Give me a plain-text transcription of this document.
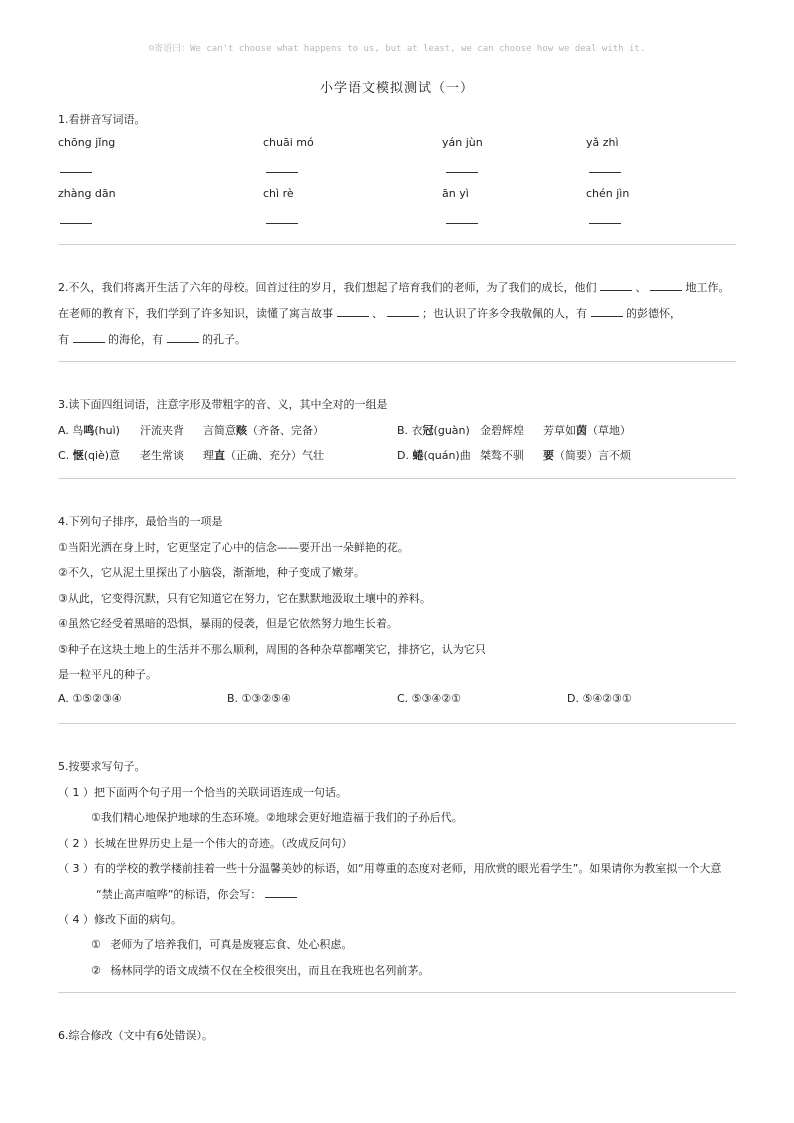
☺寄语曰：We can't choose what happens to us, but at least, we can choose how we deal with it.
小学语文模拟测试（一）
1.看拼音写词语。
chōng jǐng	chuāi mó	yán jùn	yǎ zhì
zhàng dān	chì rè	ān yì	chén jìn
2.不久，我们将离开生活了六年的母校。回首过往的岁月，我们想起了培育我们的老师，为了我们的成长，他们	、	地工作。
在老师的教育下，我们学到了许多知识，读懂了寓言故事	、	；也认识了许多令我敬佩的人，有	的彭德怀，
有	的海伦，有	的孔子。
3.读下面四组词语，注意字形及带粗字的音、义，其中全对的一组是
A. 鸟鸣(huì) 汗流夹背 言简意赅（齐备、完备）	B. 衣冠(guàn) 金碧辉煌 芳草如茵（草地）
C. 惬(qiè)意 老生常谈 理直（正确、充分）气壮	D. 蜷(quán)曲 桀骜不驯 要（简要）言不烦
4.下列句子排序，最恰当的一项是
①当阳光洒在身上时，它更坚定了心中的信念——要开出一朵鲜艳的花。
②不久，它从泥土里探出了小脑袋，渐渐地，种子变成了嫩芽。
③从此，它变得沉默，只有它知道它在努力，它在默默地汲取土壤中的养料。
④虽然它经受着黑暗的恐惧，暴雨的侵袭，但是它依然努力地生长着。
⑤种子在这块土地上的生活并不那么顺利，周围的各种杂草都嘲笑它，排挤它，认为它只
是一粒平凡的种子。
A. ①⑤②③④	B. ①③②⑤④	C. ⑤③④②①	D. ⑤④②③①
5.按要求写句子。
（ 1 ）把下面两个句子用一个恰当的关联词语连成一句话。
①我们精心地保护地球的生态环境。②地球会更好地造福于我们的子孙后代。
（ 2 ）长城在世界历史上是一个伟大的奇迹。（改成反问句）
（ 3 ）有的学校的教学楼前挂着一些十分温馨美妙的标语，如“用尊重的态度对老师，用欣赏的眼光看学生”。如果请你为教室拟一个大意
“禁止高声喧哗”的标语，你会写：
（ 4 ）修改下面的病句。
① 老师为了培养我们，可真是废寝忘食、处心积虑。
② 杨林同学的语文成绩不仅在全校很突出，而且在我班也名列前茅。
6.综合修改（文中有6处错误）。
